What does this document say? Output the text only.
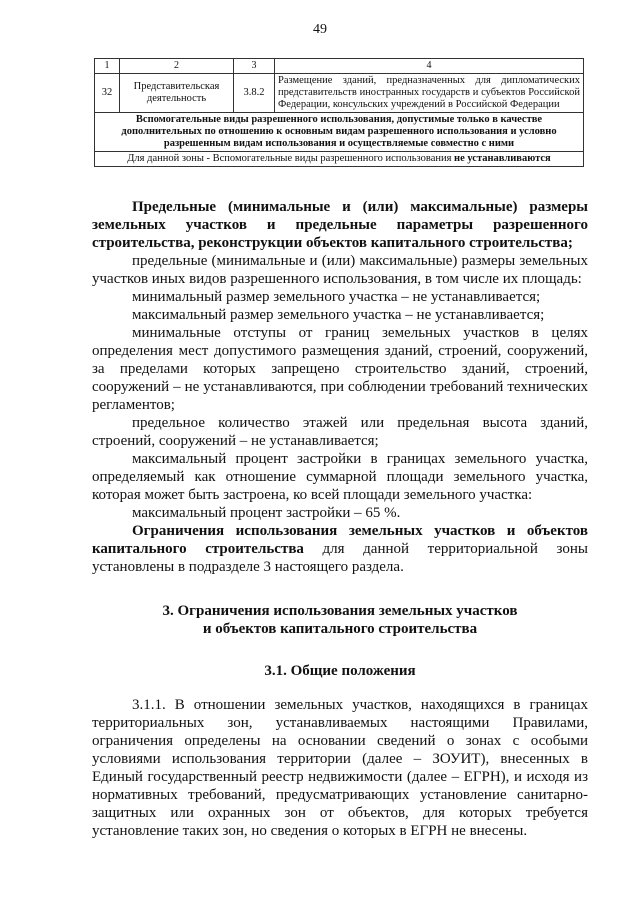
49
1	2	3	4
32	Представительская деятельность	3.8.2	Размещение зданий, предназначенных для дипломатических представительств иностранных государств и субъектов Российской Федерации, консульских учреждений в Российской Федерации
Вспомогательные виды разрешенного использования, допустимые только в качестве дополнительных по отношению к основным видам разрешенного использования и условно разрешенным видам использования и осуществляемые совместно с ними			
Для данной зоны - Вспомогательные виды разрешенного использования не устанавливаются			

Предельные (минимальные и (или) максимальные) размеры земельных участков и предельные параметры разрешенного строительства, реконструкции объектов капитального строительства;

предельные (минимальные и (или) максимальные) размеры земельных участков иных видов разрешенного использования, в том числе их площадь:

минимальный размер земельного участка – не устанавливается;

максимальный размер земельного участка – не устанавливается;

минимальные отступы от границ земельных участков в целях определения мест допустимого размещения зданий, строений, сооружений, за пределами которых запрещено строительство зданий, строений, сооружений – не устанавливаются, при соблюдении требований технических регламентов;

предельное количество этажей или предельная высота зданий, строений, сооружений – не устанавливается;

максимальный процент застройки в границах земельного участка, определяемый как отношение суммарной площади земельного участка, которая может быть застроена, ко всей площади земельного участка:

максимальный процент застройки – 65 %.

Ограничения использования земельных участков и объектов капитального строительства для данной территориальной зоны установлены в подразделе 3 настоящего раздела.

3. Ограничения использования земельных участков

и объектов капитального строительства

3.1. Общие положения

3.1.1. В отношении земельных участков, находящихся в границах территориальных зон, устанавливаемых настоящими Правилами, ограничения определены на основании сведений о зонах с особыми условиями использования территории (далее – ЗОУИТ), внесенных в Единый государственный реестр недвижимости (далее – ЕГРН), и исходя из нормативных требований, предусматривающих установление санитарно-защитных или охранных зон от объектов, для которых требуется установление таких зон, но сведения о которых в ЕГРН не внесены.
